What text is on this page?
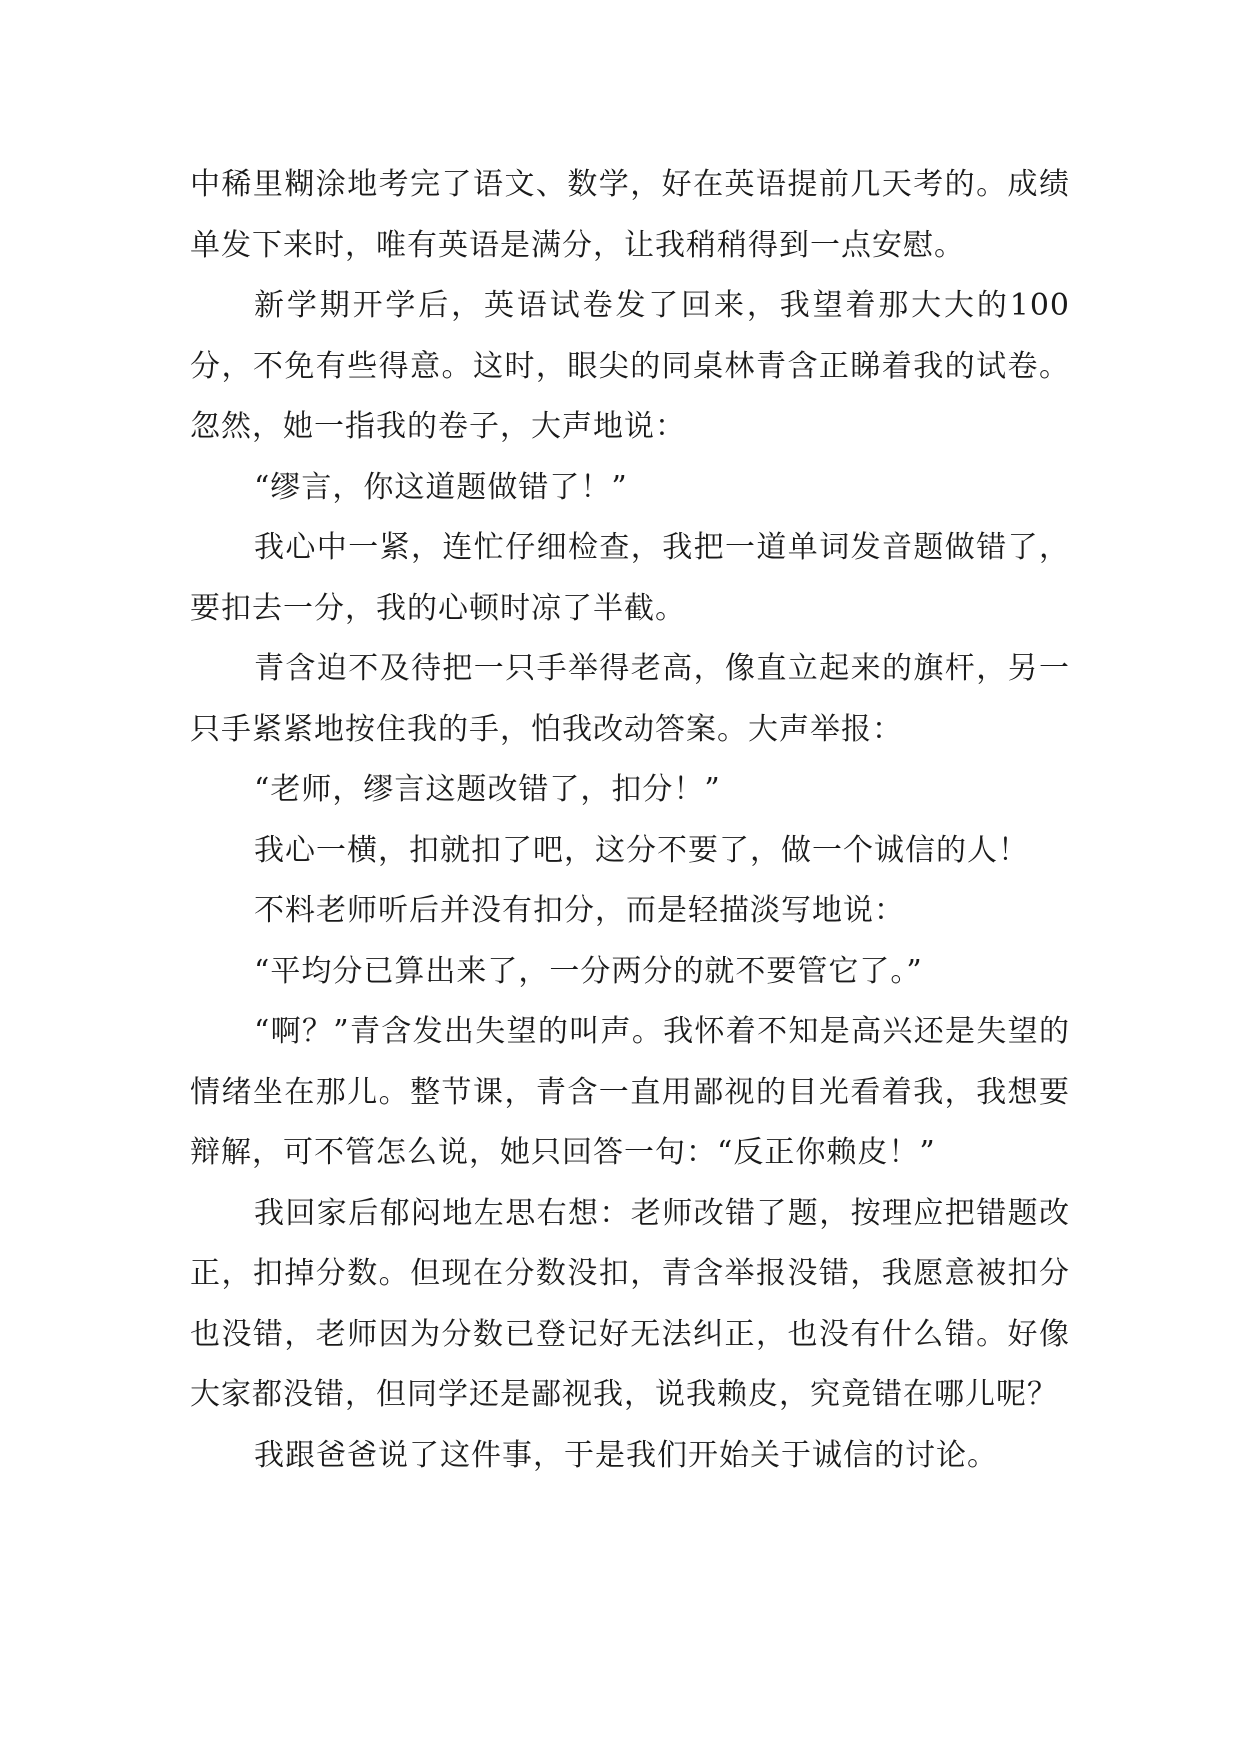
中稀里糊涂地考完了语文、数学，好在英语提前几天考的。成绩单发下来时，唯有英语是满分，让我稍稍得到一点安慰。

新学期开学后，英语试卷发了回来，我望着那大大的100分，不免有些得意。这时，眼尖的同桌林青含正睇着我的试卷。忽然，她一指我的卷子，大声地说：

“缪言，你这道题做错了！”

我心中一紧，连忙仔细检查，我把一道单词发音题做错了，要扣去一分，我的心顿时凉了半截。

青含迫不及待把一只手举得老高，像直立起来的旗杆，另一只手紧紧地按住我的手，怕我改动答案。大声举报：

“老师，缪言这题改错了，扣分！”

我心一横，扣就扣了吧，这分不要了，做一个诚信的人！

不料老师听后并没有扣分，而是轻描淡写地说：

“平均分已算出来了，一分两分的就不要管它了。”

“啊？”青含发出失望的叫声。我怀着不知是高兴还是失望的情绪坐在那儿。整节课，青含一直用鄙视的目光看着我，我想要辩解，可不管怎么说，她只回答一句：“反正你赖皮！”

我回家后郁闷地左思右想：老师改错了题，按理应把错题改正，扣掉分数。但现在分数没扣，青含举报没错，我愿意被扣分也没错，老师因为分数已登记好无法纠正，也没有什么错。好像大家都没错，但同学还是鄙视我，说我赖皮，究竟错在哪儿呢？

我跟爸爸说了这件事，于是我们开始关于诚信的讨论。
